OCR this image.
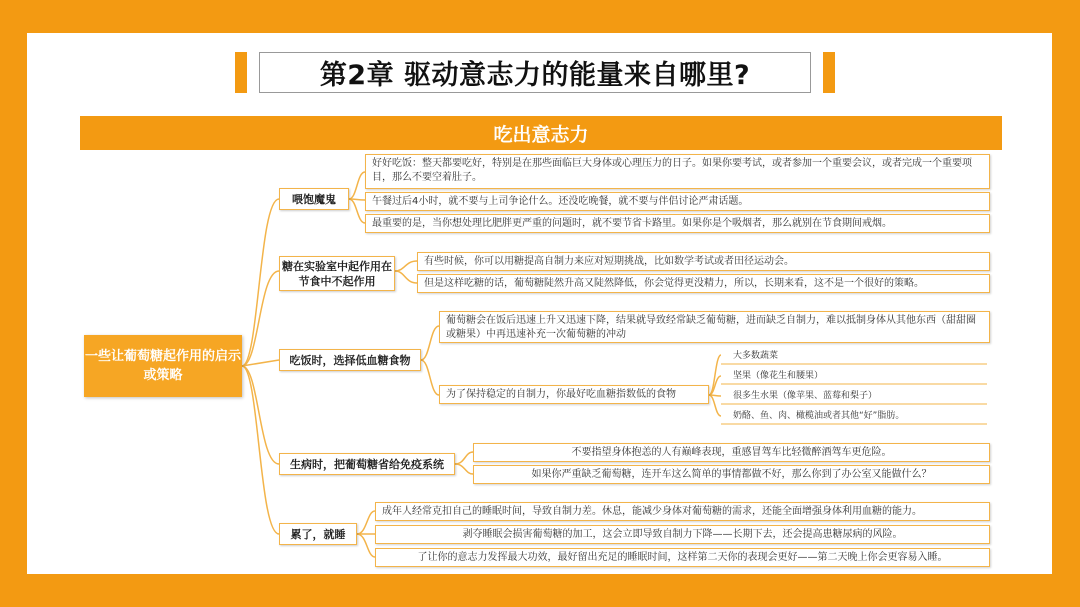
第2章 驱动意志力的能量来自哪里?
吃出意志力
一些让葡萄糖起作用的启示或策略
喂饱魔鬼
好好吃饭：整天都要吃好，特别是在那些面临巨大身体或心理压力的日子。如果你要考试，或者参加一个重要会议，或者完成一个重要项目，那么不要空着肚子。
午餐过后4小时，就不要与上司争论什么。还没吃晚餐，就不要与伴侣讨论严肃话题。
最重要的是，当你想处理比肥胖更严重的问题时，就不要节省卡路里。如果你是个吸烟者，那么就别在节食期间戒烟。
糖在实验室中起作用在节食中不起作用
有些时候，你可以用糖提高自制力来应对短期挑战，比如数学考试或者田径运动会。
但是这样吃糖的话，葡萄糖陡然升高又陡然降低，你会觉得更没精力，所以，长期来看，这不是一个很好的策略。
吃饭时，选择低血糖食物
葡萄糖会在饭后迅速上升又迅速下降，结果就导致经常缺乏葡萄糖，进而缺乏自制力，难以抵制身体从其他东西（甜甜圈或糖果）中再迅速补充一次葡萄糖的冲动
为了保持稳定的自制力，你最好吃血糖指数低的食物
大多数蔬菜
坚果（像花生和腰果）
很多生水果（像苹果、蓝莓和梨子）
奶酪、鱼、肉、橄榄油或者其他“好”脂肪。
生病时，把葡萄糖省给免疫系统
不要指望身体抱恙的人有巅峰表现，重感冒驾车比轻微醉酒驾车更危险。
如果你严重缺乏葡萄糖，连开车这么简单的事情都做不好，那么你到了办公室又能做什么？
累了，就睡
成年人经常克扣自己的睡眠时间，导致自制力差。休息，能减少身体对葡萄糖的需求，还能全面增强身体利用血糖的能力。
剥夺睡眠会损害葡萄糖的加工，这会立即导致自制力下降——长期下去，还会提高患糖尿病的风险。
了让你的意志力发挥最大功效，最好留出充足的睡眠时间，这样第二天你的表现会更好——第二天晚上你会更容易入睡。
